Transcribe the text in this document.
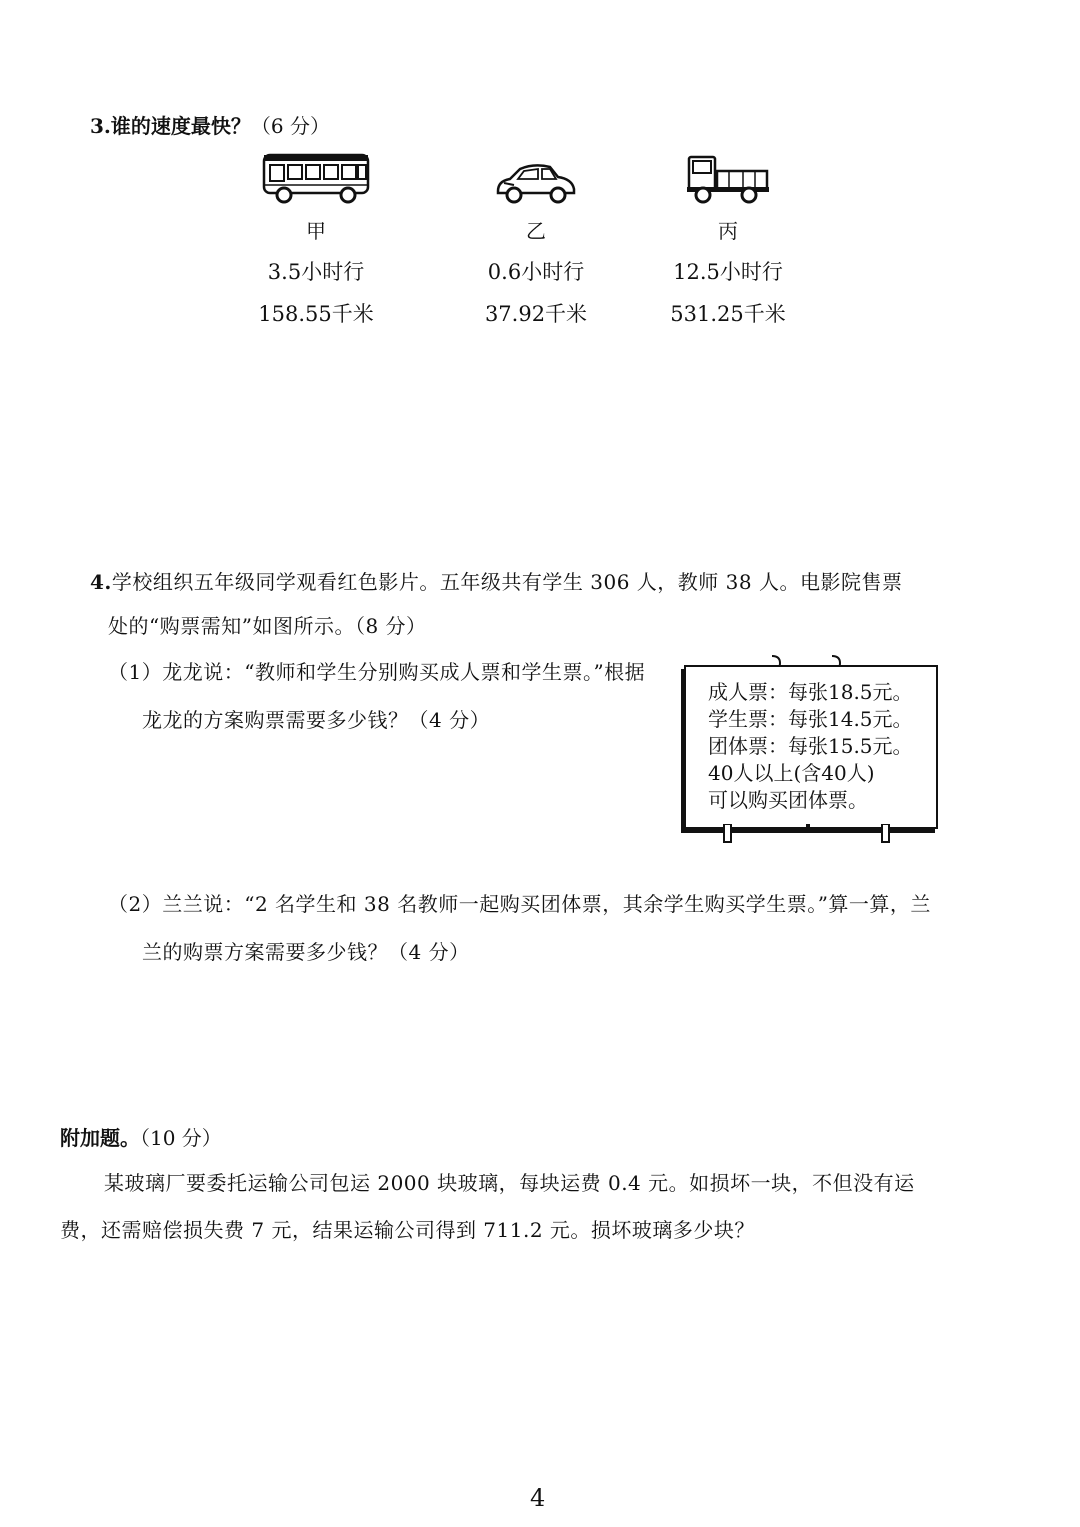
3.谁的速度最快？（6 分）
甲
3.5小时行
158.55千米
乙
0.6小时行
37.92千米
丙
12.5小时行
531.25千米
4.学校组织五年级同学观看红色影片。五年级共有学生 306 人，教师 38 人。电影院售票
处的“购票需知”如图所示。（8 分）
（1）龙龙说：“教师和学生分别购买成人票和学生票。”根据
龙龙的方案购票需要多少钱？（4 分）
成人票：每张18.5元。
学生票：每张14.5元。
团体票：每张15.5元。
40人以上(含40人)
可以购买团体票。
（2）兰兰说：“2 名学生和 38 名教师一起购买团体票，其余学生购买学生票。”算一算，兰
兰的购票方案需要多少钱？（4 分）
附加题。（10 分）
某玻璃厂要委托运输公司包运 2000 块玻璃，每块运费 0.4 元。如损坏一块，不但没有运
费，还需赔偿损失费 7 元，结果运输公司得到 711.2 元。损坏玻璃多少块？
4
